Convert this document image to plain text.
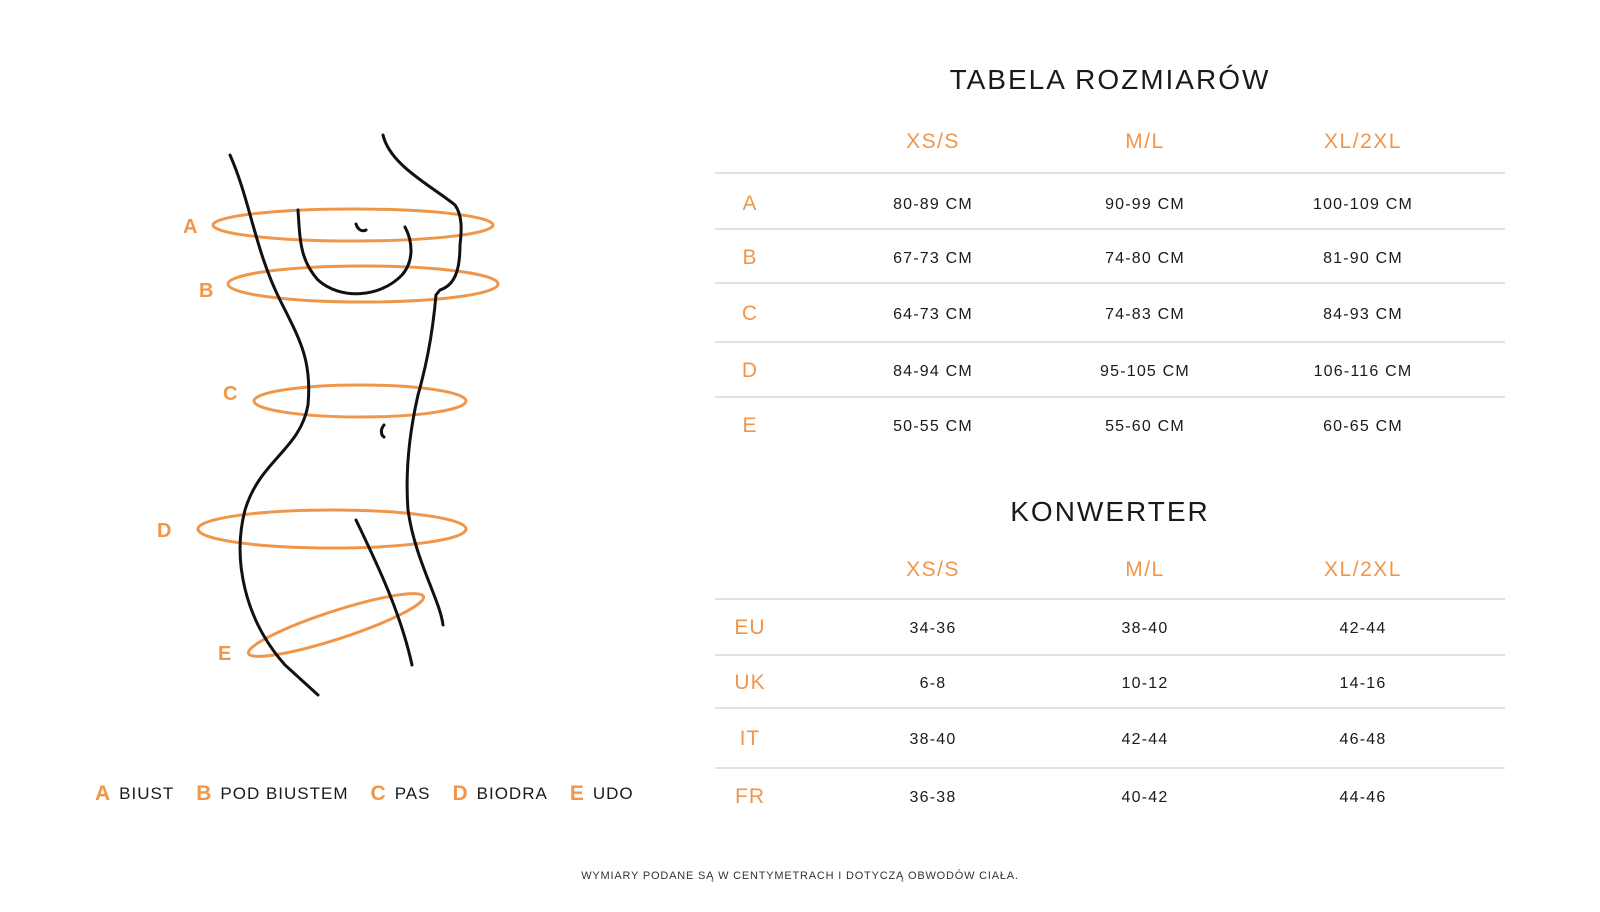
A
B
C
D
E
A BIUST B POD BIUSTEM C PAS D BIODRA E UDO
TABELA ROZMIARÓW
XS/S	M/L	XL/2XL
A	80-89 CM	90-99 CM	100-109 CM
B	67-73 CM	74-80 CM	81-90 CM
C	64-73 CM	74-83 CM	84-93 CM
D	84-94 CM	95-105 CM	106-116 CM
E	50-55 CM	55-60 CM	60-65 CM
KONWERTER
XS/S	M/L	XL/2XL
EU	34-36	38-40	42-44
UK	6-8	10-12	14-16
IT	38-40	42-44	46-48
FR	36-38	40-42	44-46
WYMIARY PODANE SĄ W CENTYMETRACH I DOTYCZĄ OBWODÓW CIAŁA.
